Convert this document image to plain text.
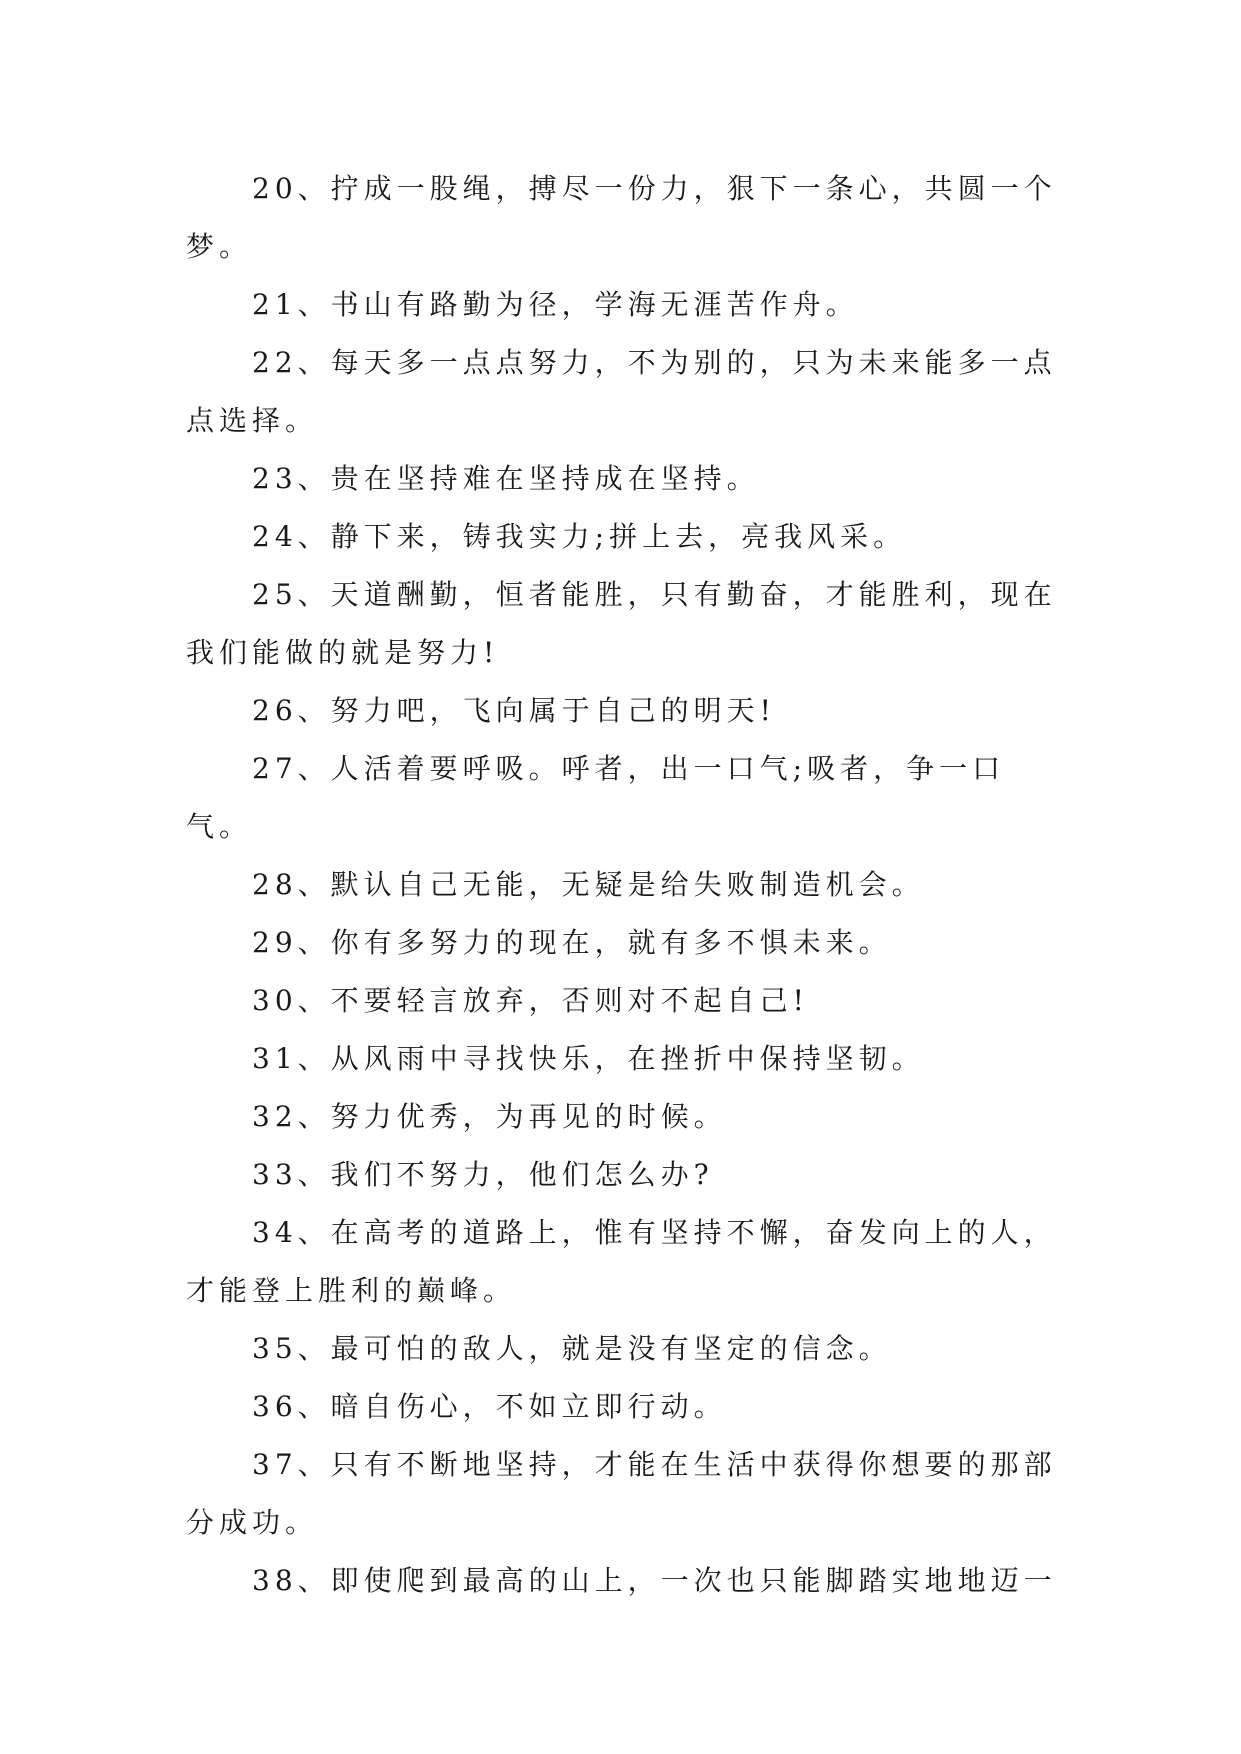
20、拧成一股绳，搏尽一份力，狠下一条心，共圆一个梦。

21、书山有路勤为径，学海无涯苦作舟。

22、每天多一点点努力，不为别的，只为未来能多一点点选择。

23、贵在坚持难在坚持成在坚持。

24、静下来，铸我实力;拼上去，亮我风采。

25、天道酬勤，恒者能胜，只有勤奋，才能胜利，现在我们能做的就是努力!

26、努力吧，飞向属于自己的明天!

27、人活着要呼吸。呼者，出一口气;吸者，争一口气。

28、默认自己无能，无疑是给失败制造机会。

29、你有多努力的现在，就有多不惧未来。

30、不要轻言放弃，否则对不起自己!

31、从风雨中寻找快乐，在挫折中保持坚韧。

32、努力优秀，为再见的时候。

33、我们不努力，他们怎么办?

34、在高考的道路上，惟有坚持不懈，奋发向上的人，才能登上胜利的巅峰。

35、最可怕的敌人，就是没有坚定的信念。

36、暗自伤心，不如立即行动。

37、只有不断地坚持，才能在生活中获得你想要的那部分成功。

38、即使爬到最高的山上，一次也只能脚踏实地地迈一
